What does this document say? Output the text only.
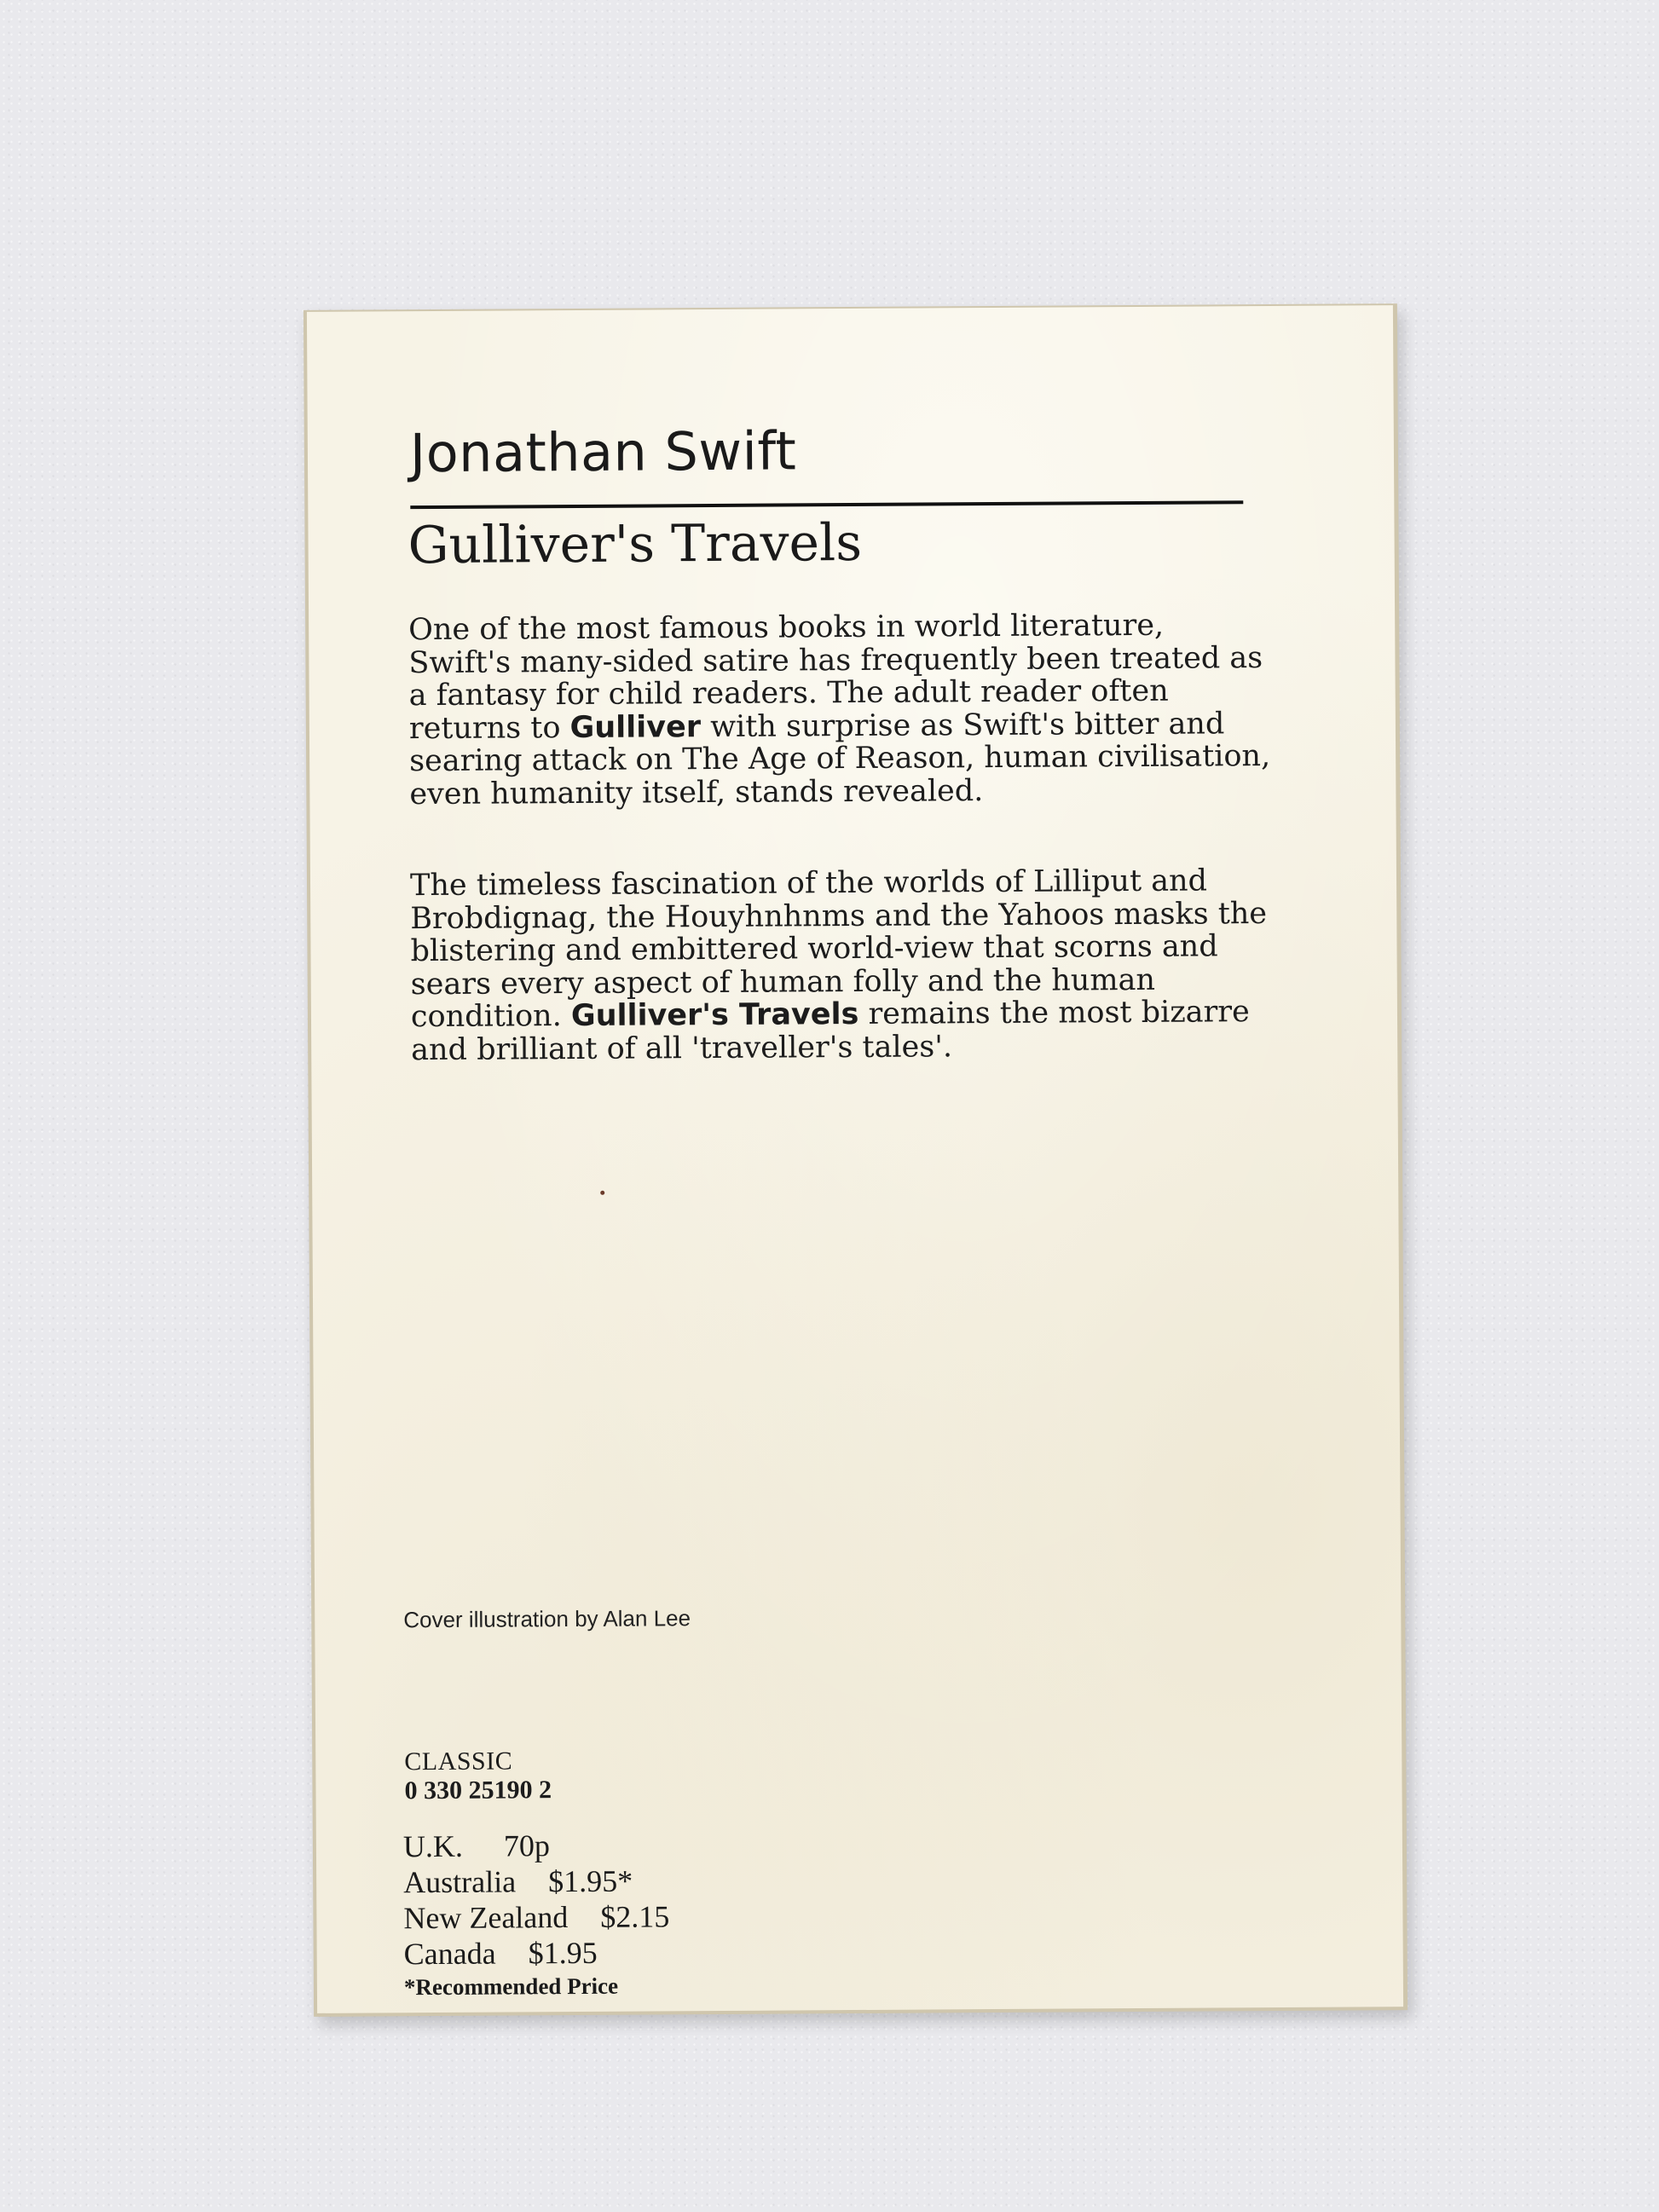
Jonathan Swift
Gulliver's Travels
One of the most famous books in world literature, Swift's many-sided satire has frequently been treated as a fantasy for child readers. The adult reader often returns to Gulliver with surprise as Swift's bitter and searing attack on The Age of Reason, human civilisation, even humanity itself, stands revealed.
The timeless fascination of the worlds of Lilliput and Brobdignag, the Houyhnhnms and the Yahoos masks the blistering and embittered world-view that scorns and sears every aspect of human folly and the human condition. Gulliver's Travels remains the most bizarre and brilliant of all 'traveller's tales'.
Cover illustration by Alan Lee
CLASSIC
0 330 25190 2
U.K. 70p
Australia $1.95*
New Zealand $2.15
Canada $1.95
*Recommended Price
